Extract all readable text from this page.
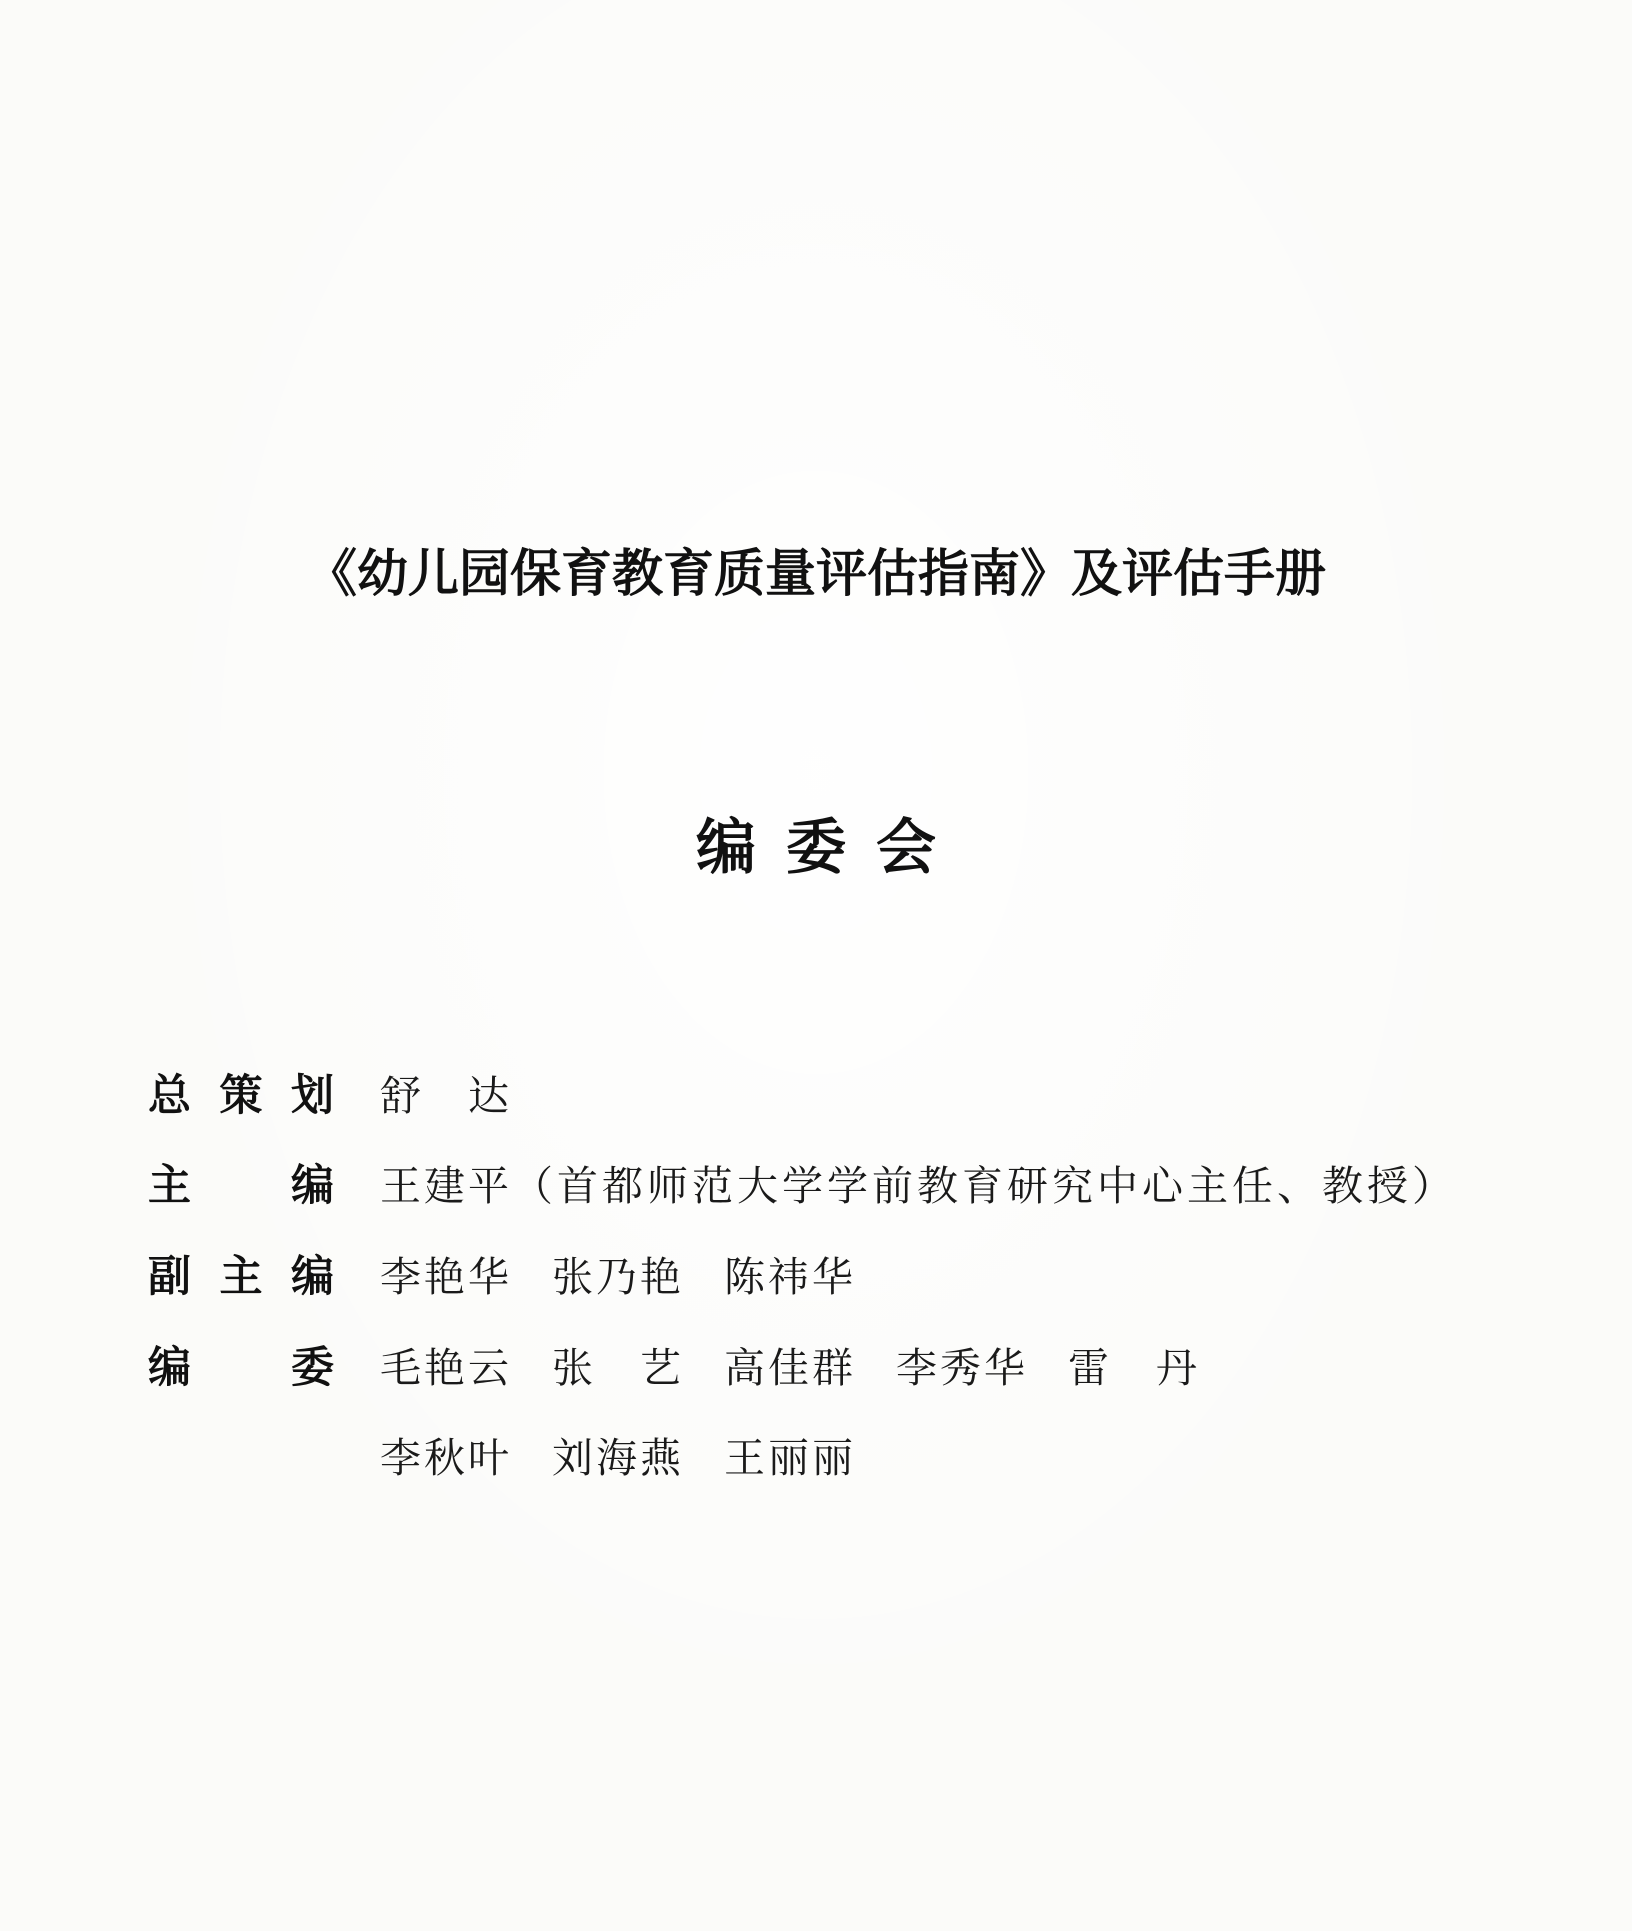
《幼儿园保育教育质量评估指南》及评估手册
编委会
总 策 划 舒　达
主 编 王建平 （首都师范大学学前教育研究中心主任、教授）
副 主 编 李艳华 张乃艳 陈祎华
编 委 毛艳云 张　艺 高佳群 李秀华 雷　丹
李秋叶 刘海燕 王丽丽
